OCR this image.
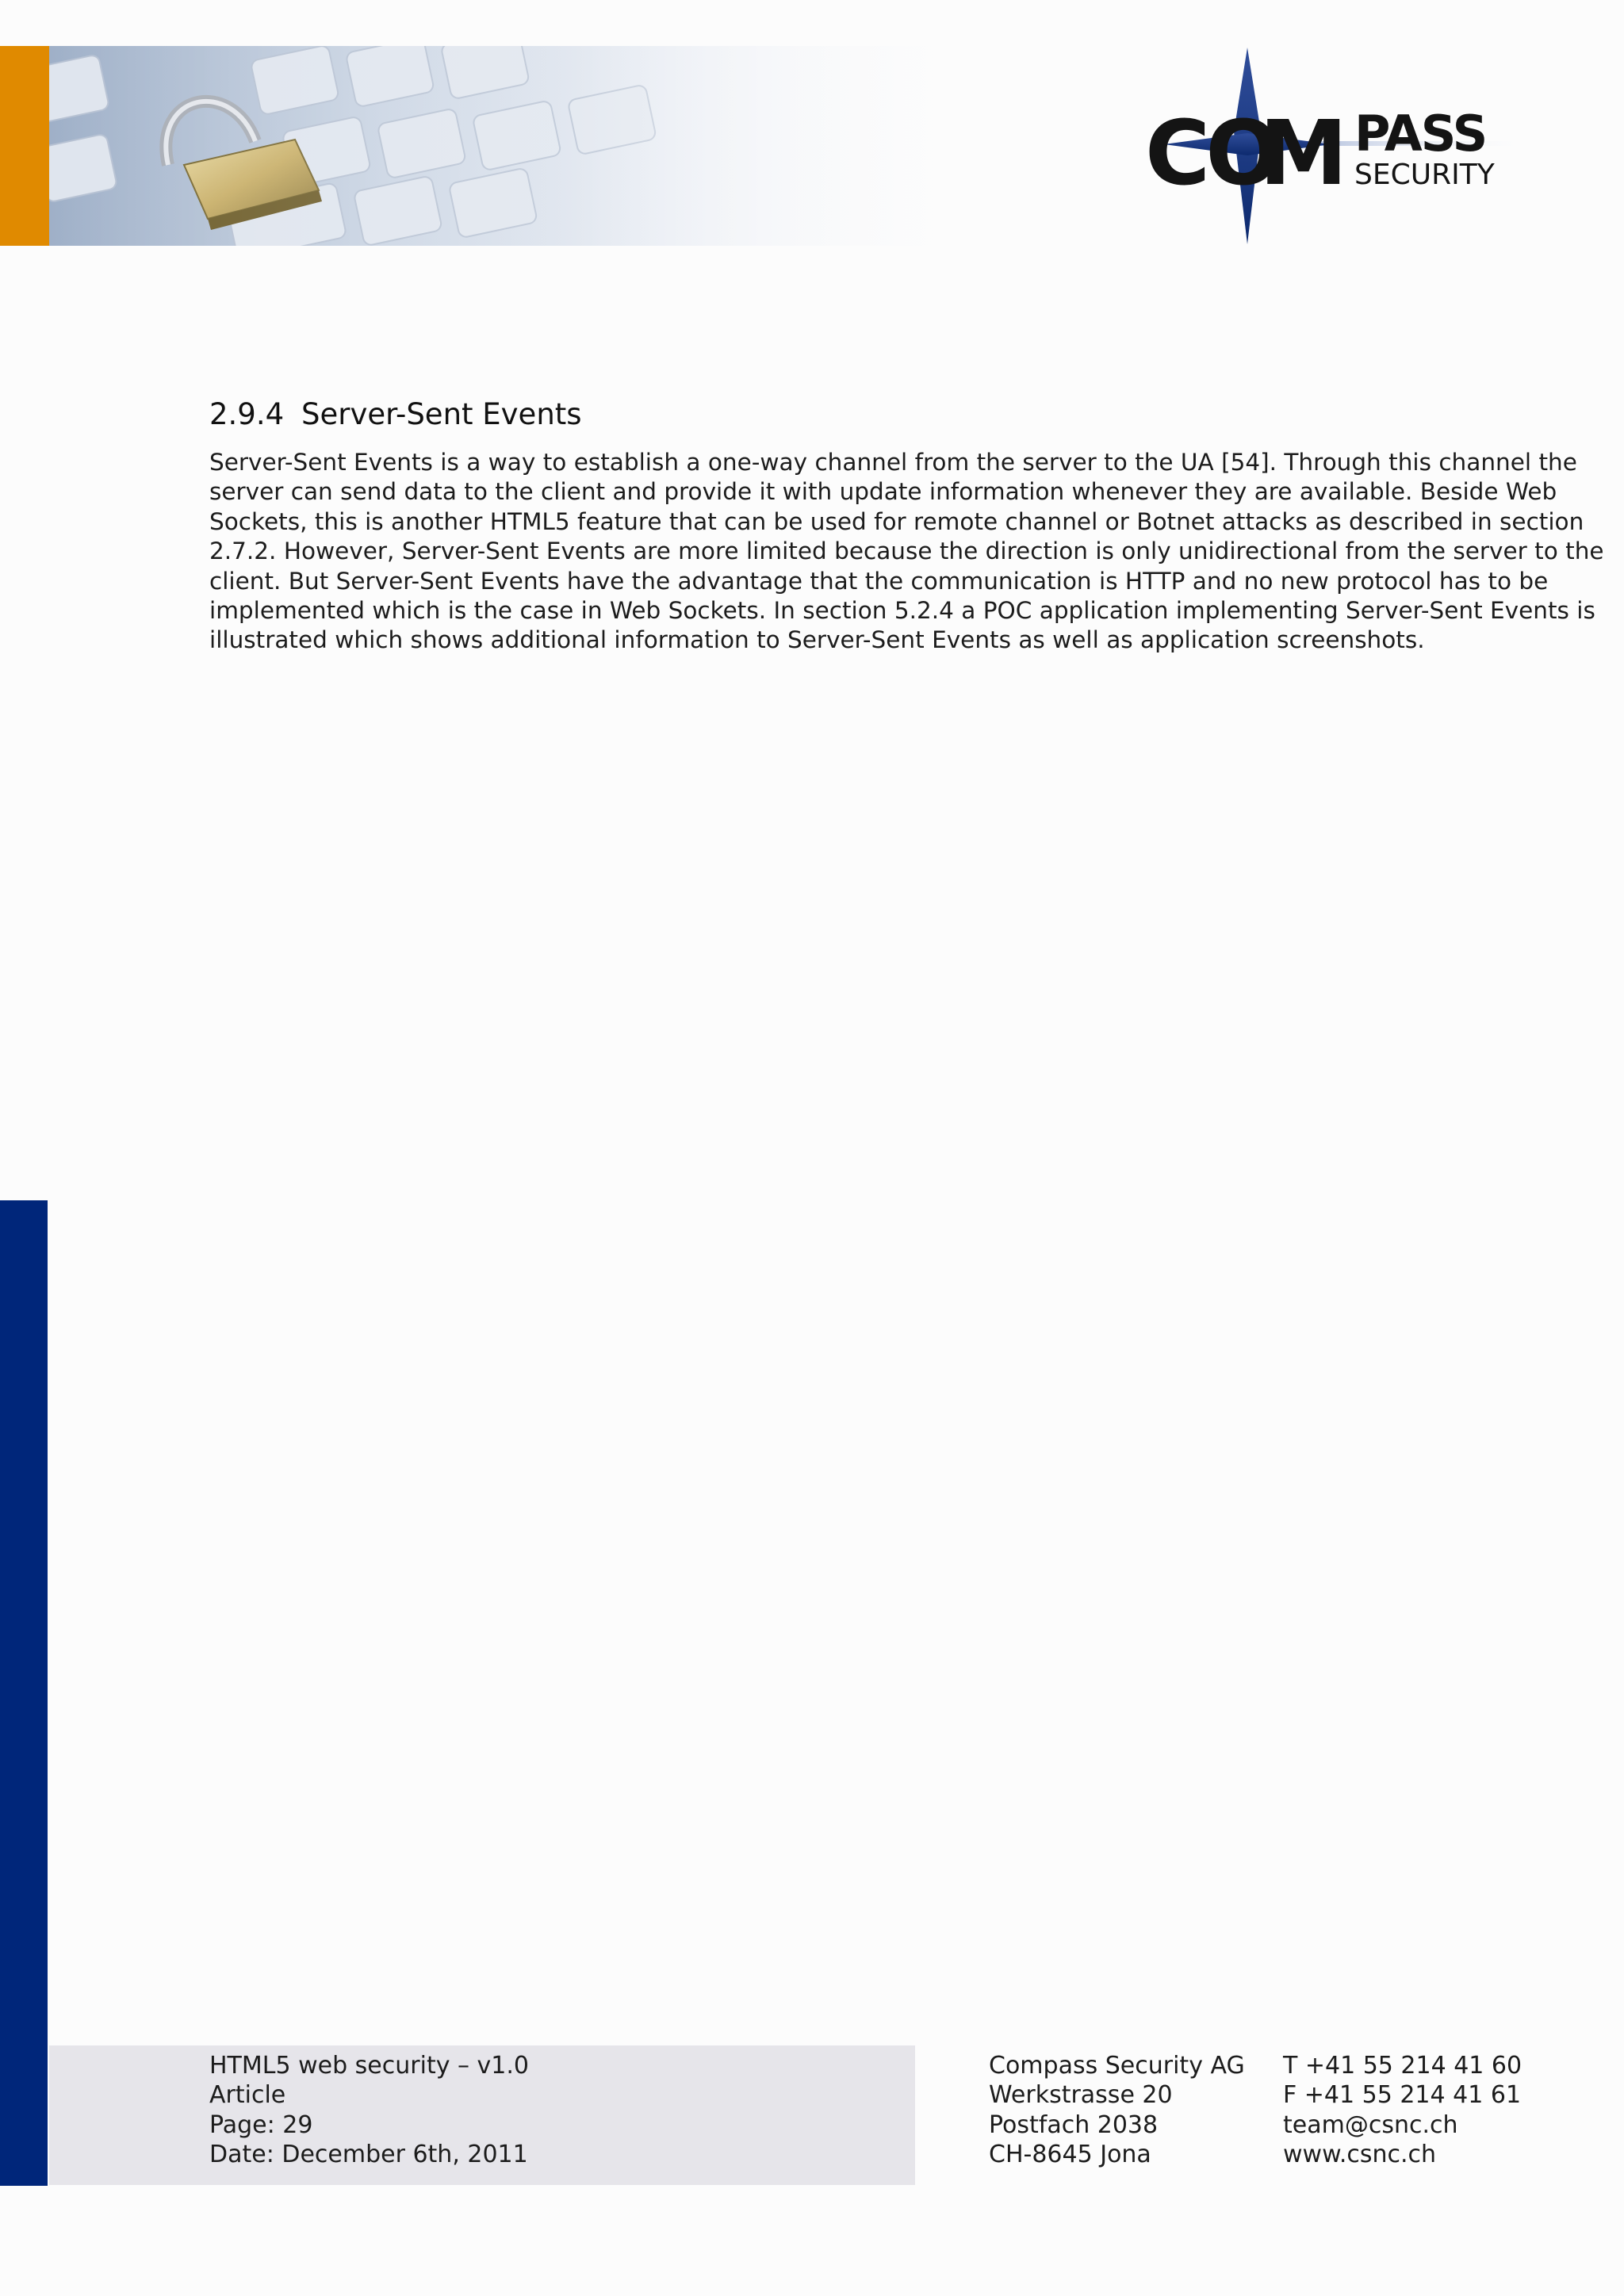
CO
M PASS
SECURITY
2.9.4 Server-Sent Events
Server-Sent Events is a way to establish a one-way channel from the server to the UA [54]. Through this channel the
server can send data to the client and provide it with update information whenever they are available. Beside Web
Sockets, this is another HTML5 feature that can be used for remote channel or Botnet attacks as described in section
2.7.2. However, Server-Sent Events are more limited because the direction is only unidirectional from the server to the
client. But Server-Sent Events have the advantage that the communication is HTTP and no new protocol has to be
implemented which is the case in Web Sockets. In section 5.2.4 a POC application implementing Server-Sent Events is
illustrated which shows additional information to Server-Sent Events as well as application screenshots.
HTML5 web security – v1.0
Article
Page: 29
Date: December 6th, 2011
Compass Security AG
Werkstrasse 20
Postfach 2038
CH-8645 Jona
T +41 55 214 41 60
F +41 55 214 41 61
team@csnc.ch
www.csnc.ch
